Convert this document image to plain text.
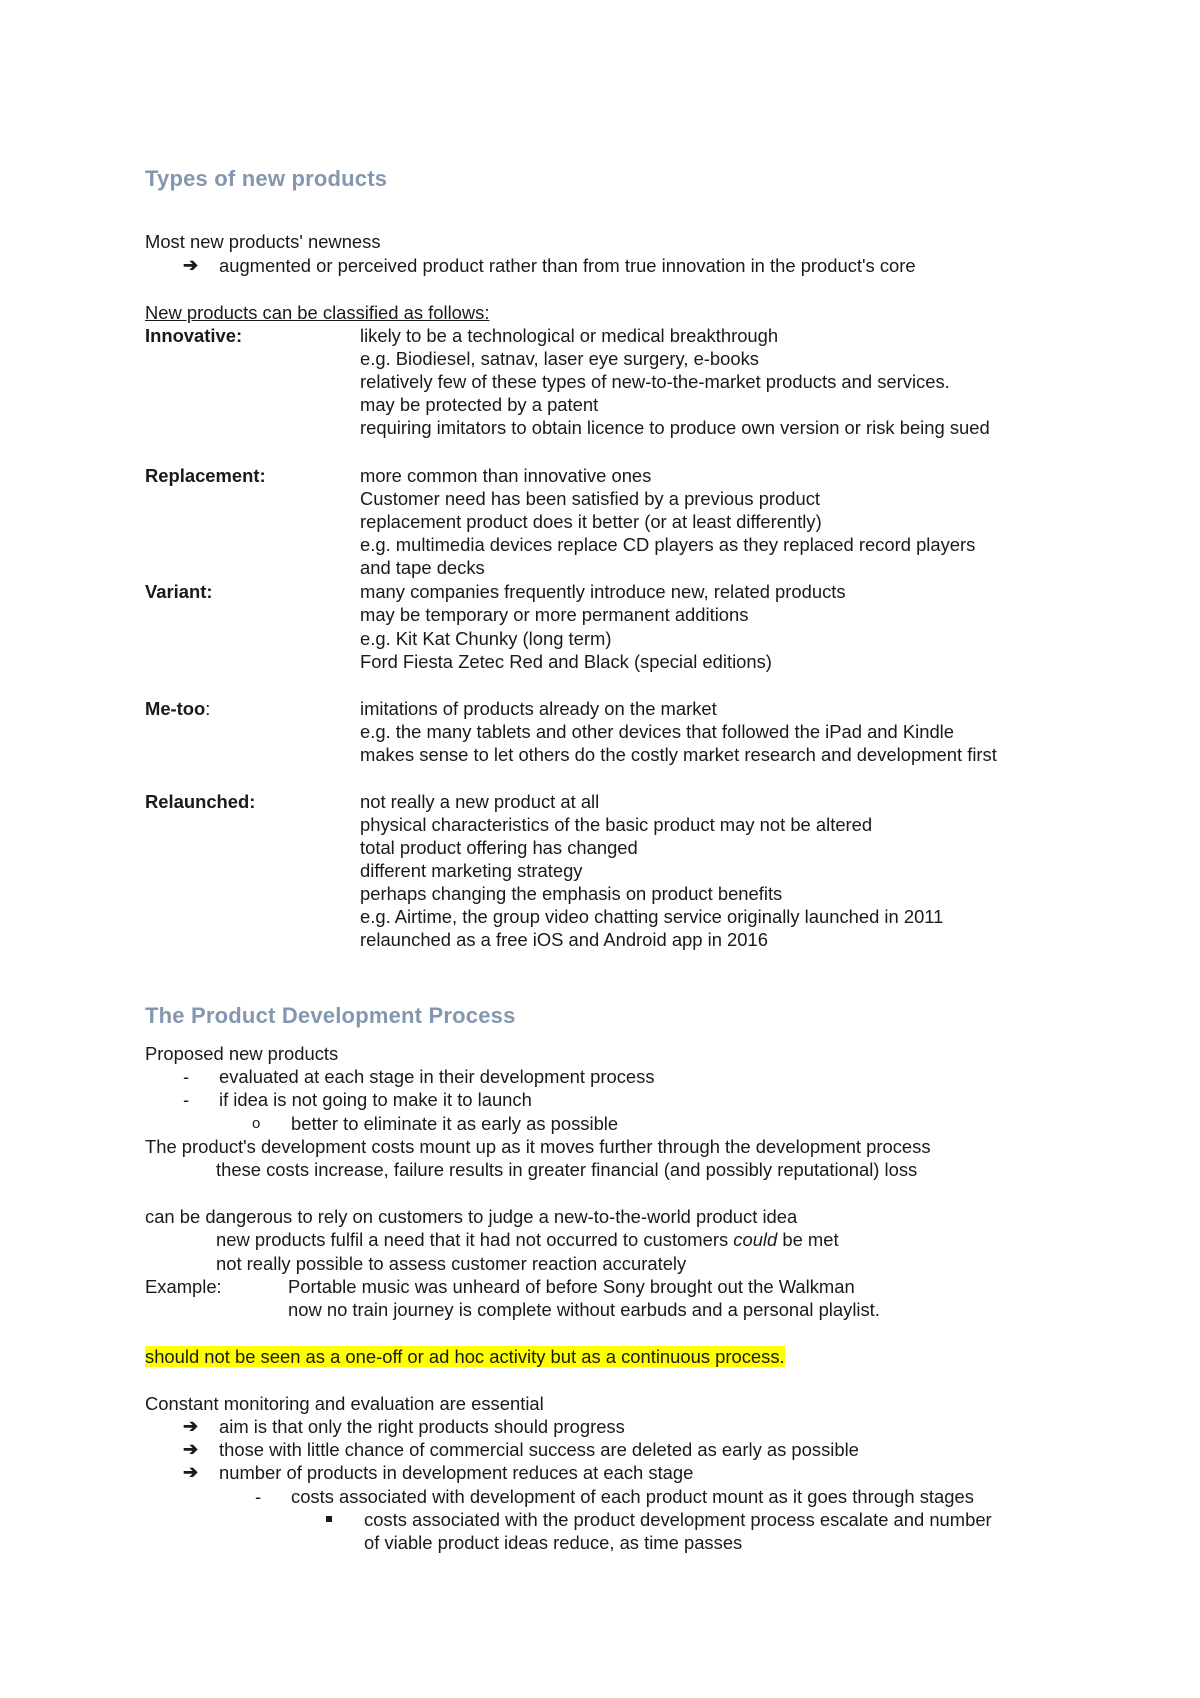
Types of new products

Most new products' newness

➔ augmented or perceived product rather than from true innovation in the product's core

New products can be classified as follows:

Innovative:	likely to be a technological or medical breakthrough

e.g. Biodiesel, satnav, laser eye surgery, e-books

relatively few of these types of new-to-the-market products and services.

may be protected by a patent

requiring imitators to obtain licence to produce own version or risk being sued

Replacement:	more common than innovative ones

Customer need has been satisfied by a previous product

replacement product does it better (or at least differently)

e.g. multimedia devices replace CD players as they replaced record players

and tape decks

Variant:	many companies frequently introduce new, related products

may be temporary or more permanent additions

e.g. Kit Kat Chunky (long term)

Ford Fiesta Zetec Red and Black (special editions)

Me-too:	imitations of products already on the market

e.g. the many tablets and other devices that followed the iPad and Kindle

makes sense to let others do the costly market research and development first

Relaunched:	not really a new product at all

physical characteristics of the basic product may not be altered

total product offering has changed

different marketing strategy

perhaps changing the emphasis on product benefits

e.g. Airtime, the group video chatting service originally launched in 2011

relaunched as a free iOS and Android app in 2016

The Product Development Process

Proposed new products

- evaluated at each stage in their development process

- if idea is not going to make it to launch

o better to eliminate it as early as possible

The product's development costs mount up as it moves further through the development process

these costs increase, failure results in greater financial (and possibly reputational) loss

can be dangerous to rely on customers to judge a new-to-the-world product idea

new products fulfil a need that it had not occurred to customers could be met

not really possible to assess customer reaction accurately

Example:	Portable music was unheard of before Sony brought out the Walkman

now no train journey is complete without earbuds and a personal playlist.

should not be seen as a one-off or ad hoc activity but as a continuous process.

Constant monitoring and evaluation are essential

➔ aim is that only the right products should progress

➔ those with little chance of commercial success are deleted as early as possible

➔ number of products in development reduces at each stage

- costs associated with development of each product mount as it goes through stages

costs associated with the product development process escalate and number

of viable product ideas reduce, as time passes
